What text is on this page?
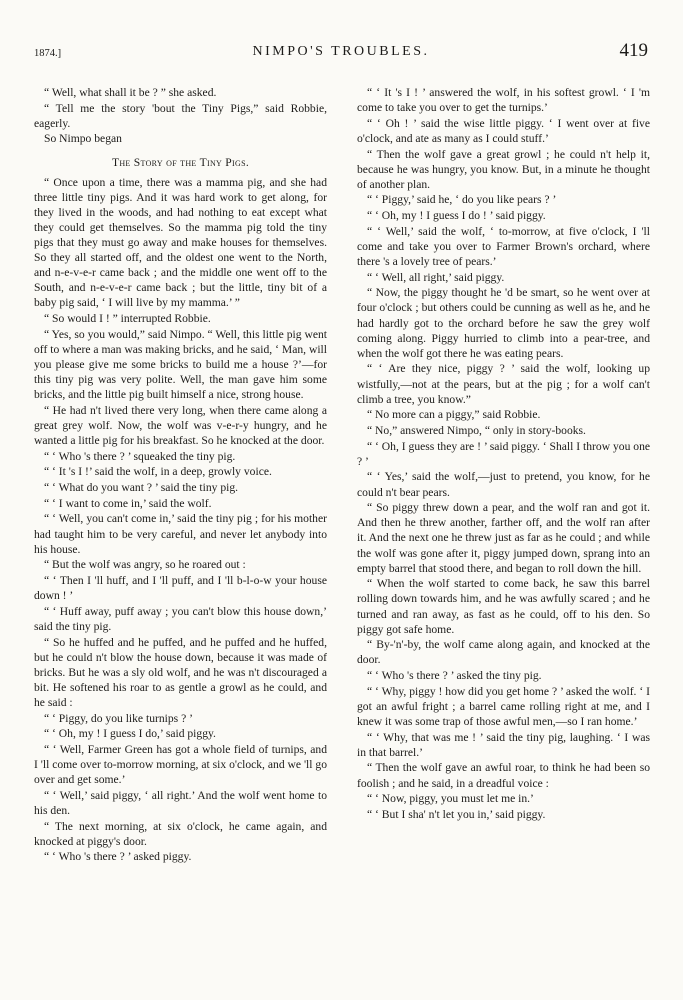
1874.]	NIMPO'S TROUBLES.	419

“ Well, what shall it be ? ” she asked.

“ Tell me the story 'bout the Tiny Pigs,” said Robbie, eagerly.

So Nimpo began

The Story of the Tiny Pigs.

“ Once upon a time, there was a mamma pig, and she had three little tiny pigs. And it was hard work to get along, for they lived in the woods, and had nothing to eat except what they could get themselves. So the mamma pig told the tiny pigs that they must go away and make houses for themselves. So they all started off, and the oldest one went to the North, and n-e-v-e-r came back ; and the middle one went off to the South, and n-e-v-e-r came back ; but the little, tiny bit of a baby pig said, ‘ I will live by my mamma.’ ”

“ So would I ! ” interrupted Robbie.

“ Yes, so you would,” said Nimpo. “ Well, this little pig went off to where a man was making bricks, and he said, ‘ Man, will you please give me some bricks to build me a house ?’—for this tiny pig was very polite. Well, the man gave him some bricks, and the little pig built himself a nice, strong house.

“ He had n't lived there very long, when there came along a great grey wolf. Now, the wolf was v-e-r-y hungry, and he wanted a little pig for his breakfast. So he knocked at the door.

“ ‘ Who 's there ? ’ squeaked the tiny pig.

“ ‘ It 's I !’ said the wolf, in a deep, growly voice.

“ ‘ What do you want ? ’ said the tiny pig.

“ ‘ I want to come in,’ said the wolf.

“ ‘ Well, you can't come in,’ said the tiny pig ; for his mother had taught him to be very careful, and never let anybody into his house.

“ But the wolf was angry, so he roared out :

“ ‘ Then I 'll huff, and I 'll puff, and I 'll b-l-o-w your house down ! ’

“ ‘ Huff away, puff away ; you can't blow this house down,’ said the tiny pig.

“ So he huffed and he puffed, and he puffed and he huffed, but he could n't blow the house down, because it was made of bricks. But he was a sly old wolf, and he was n't discouraged a bit. He softened his roar to as gentle a growl as he could, and he said :

“ ‘ Piggy, do you like turnips ? ’

“ ‘ Oh, my ! I guess I do,’ said piggy.

“ ‘ Well, Farmer Green has got a whole field of turnips, and I 'll come over to-morrow morning, at six o'clock, and we 'll go over and get some.’

“ ‘ Well,’ said piggy, ‘ all right.’ And the wolf went home to his den.

“ The next morning, at six o'clock, he came again, and knocked at piggy's door.

“ ‘ Who 's there ? ’ asked piggy.

“ ‘ It 's I ! ’ answered the wolf, in his softest growl. ‘ I 'm come to take you over to get the turnips.’

“ ‘ Oh ! ’ said the wise little piggy. ‘ I went over at five o'clock, and ate as many as I could stuff.’

“ Then the wolf gave a great growl ; he could n't help it, because he was hungry, you know. But, in a minute he thought of another plan.

“ ‘ Piggy,’ said he, ‘ do you like pears ? ’

“ ‘ Oh, my ! I guess I do ! ’ said piggy.

“ ‘ Well,’ said the wolf, ‘ to-morrow, at five o'clock, I 'll come and take you over to Farmer Brown's orchard, where there 's a lovely tree of pears.’

“ ‘ Well, all right,’ said piggy.

“ Now, the piggy thought he 'd be smart, so he went over at four o'clock ; but others could be cunning as well as he, and he had hardly got to the orchard before he saw the grey wolf coming along. Piggy hurried to climb into a pear-tree, and when the wolf got there he was eating pears.

“ ‘ Are they nice, piggy ? ’ said the wolf, looking up wistfully,—not at the pears, but at the pig ; for a wolf can't climb a tree, you know.”

“ No more can a piggy,” said Robbie.

“ No,” answered Nimpo, “ only in story-books.

“ ‘ Oh, I guess they are ! ’ said piggy. ‘ Shall I throw you one ? ’

“ ‘ Yes,’ said the wolf,—just to pretend, you know, for he could n't bear pears.

“ So piggy threw down a pear, and the wolf ran and got it. And then he threw another, farther off, and the wolf ran after it. And the next one he threw just as far as he could ; and while the wolf was gone after it, piggy jumped down, sprang into an empty barrel that stood there, and began to roll down the hill.

“ When the wolf started to come back, he saw this barrel rolling down towards him, and he was awfully scared ; and he turned and ran away, as fast as he could, off to his den. So piggy got safe home.

“ By-'n'-by, the wolf came along again, and knocked at the door.

“ ‘ Who 's there ? ’ asked the tiny pig.

“ ‘ Why, piggy ! how did you get home ? ’ asked the wolf. ‘ I got an awful fright ; a barrel came rolling right at me, and I knew it was some trap of those awful men,—so I ran home.’

“ ‘ Why, that was me ! ’ said the tiny pig, laughing. ‘ I was in that barrel.’

“ Then the wolf gave an awful roar, to think he had been so foolish ; and he said, in a dreadful voice :

“ ‘ Now, piggy, you must let me in.’

“ ‘ But I sha' n't let you in,’ said piggy.
